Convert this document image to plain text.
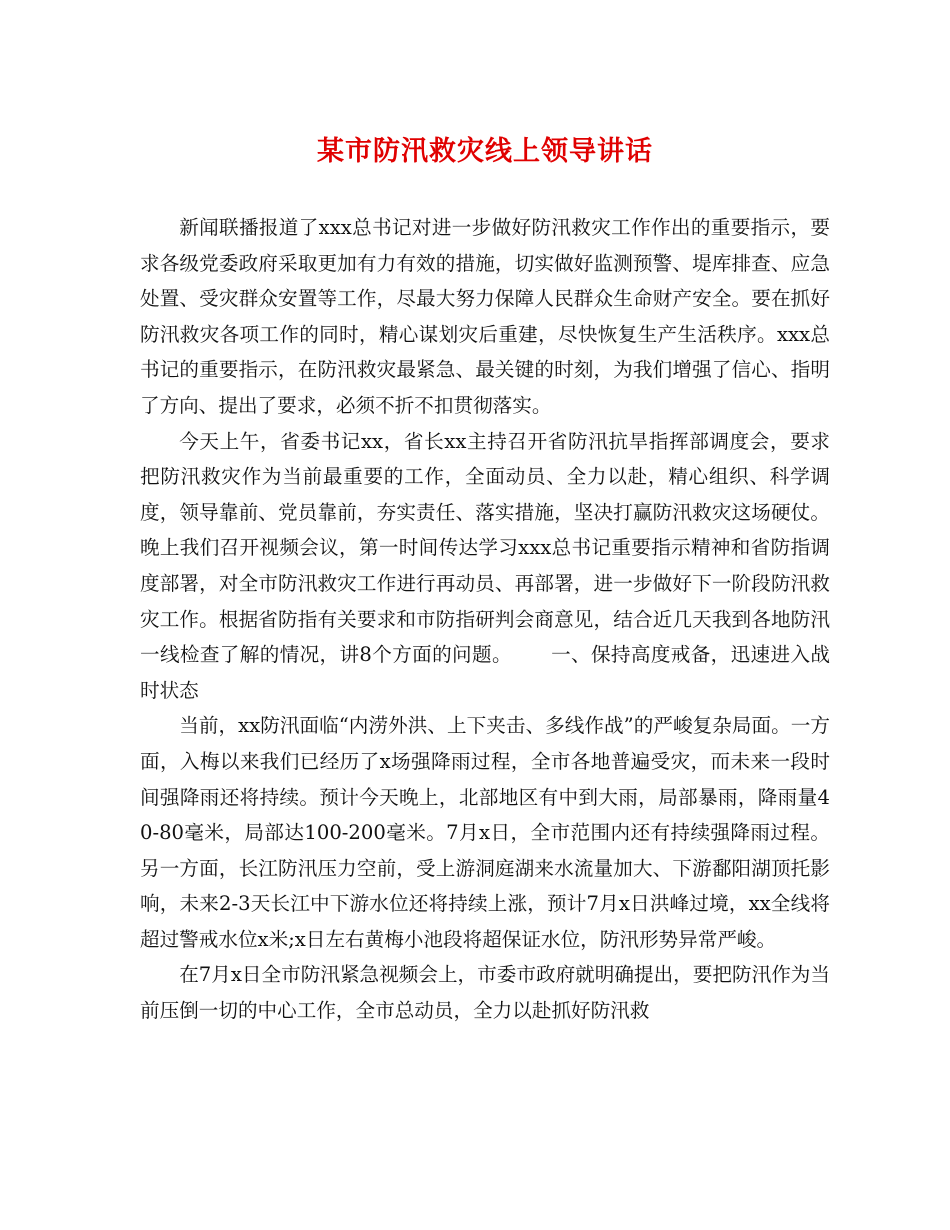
某市防汛救灾线上领导讲话

新闻联播报道了xxx总书记对进一步做好防汛救灾工作作出的重要指示，要求各级党委政府采取更加有力有效的措施，切实做好监测预警、堤库排查、应急处置、受灾群众安置等工作，尽最大努力保障人民群众生命财产安全。要在抓好防汛救灾各项工作的同时，精心谋划灾后重建，尽快恢复生产生活秩序。xxx总书记的重要指示，在防汛救灾最紧急、最关键的时刻，为我们增强了信心、指明了方向、提出了要求，必须不折不扣贯彻落实。

今天上午，省委书记xx，省长xx主持召开省防汛抗旱指挥部调度会，要求把防汛救灾作为当前最重要的工作，全面动员、全力以赴，精心组织、科学调度，领导靠前、党员靠前，夯实责任、落实措施，坚决打赢防汛救灾这场硬仗。晚上我们召开视频会议，第一时间传达学习xxx总书记重要指示精神和省防指调度部署，对全市防汛救灾工作进行再动员、再部署，进一步做好下一阶段防汛救灾工作。根据省防指有关要求和市防指研判会商意见，结合近几天我到各地防汛一线检查了解的情况，讲8个方面的问题。 一、保持高度戒备，迅速进入战时状态

当前，xx防汛面临“内涝外洪、上下夹击、多线作战”的严峻复杂局面。一方面，入梅以来我们已经历了x场强降雨过程，全市各地普遍受灾，而未来一段时间强降雨还将持续。预计今天晚上，北部地区有中到大雨，局部暴雨，降雨量40-80毫米，局部达100-200毫米。7月x日，全市范围内还有持续强降雨过程。另一方面，长江防汛压力空前，受上游洞庭湖来水流量加大、下游鄱阳湖顶托影响，未来2-3天长江中下游水位还将持续上涨，预计7月x日洪峰过境，xx全线将超过警戒水位x米;x日左右黄梅小池段将超保证水位，防汛形势异常严峻。

在7月x日全市防汛紧急视频会上，市委市政府就明确提出，要把防汛作为当前压倒一切的中心工作，全市总动员，全力以赴抓好防汛救
